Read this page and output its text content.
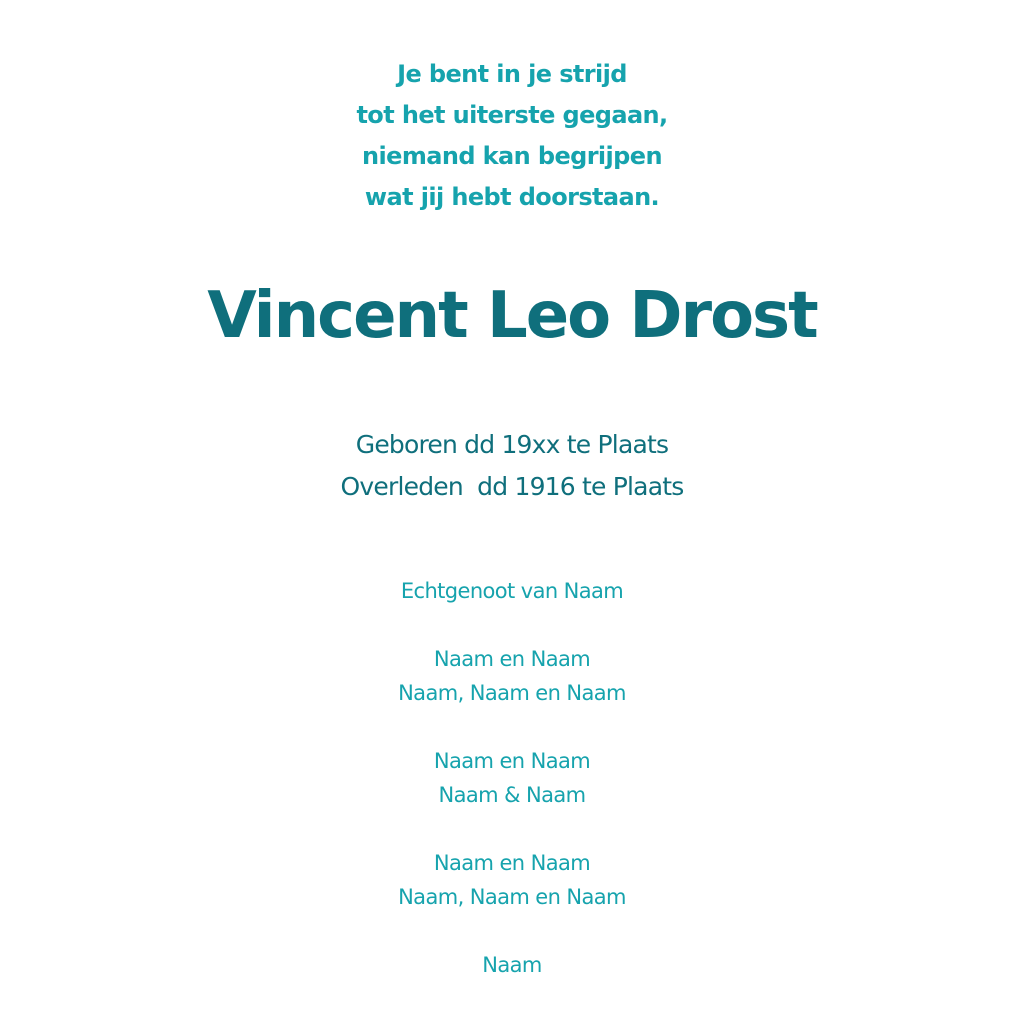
Je bent in je strijd
tot het uiterste gegaan,
niemand kan begrijpen
wat jij hebt doorstaan.
Vincent Leo Drost
Geboren dd 19xx te Plaats
Overleden  dd 1916 te Plaats
Echtgenoot van Naam
Naam en Naam
Naam, Naam en Naam
Naam en Naam
Naam & Naam
Naam en Naam
Naam, Naam en Naam
Naam
